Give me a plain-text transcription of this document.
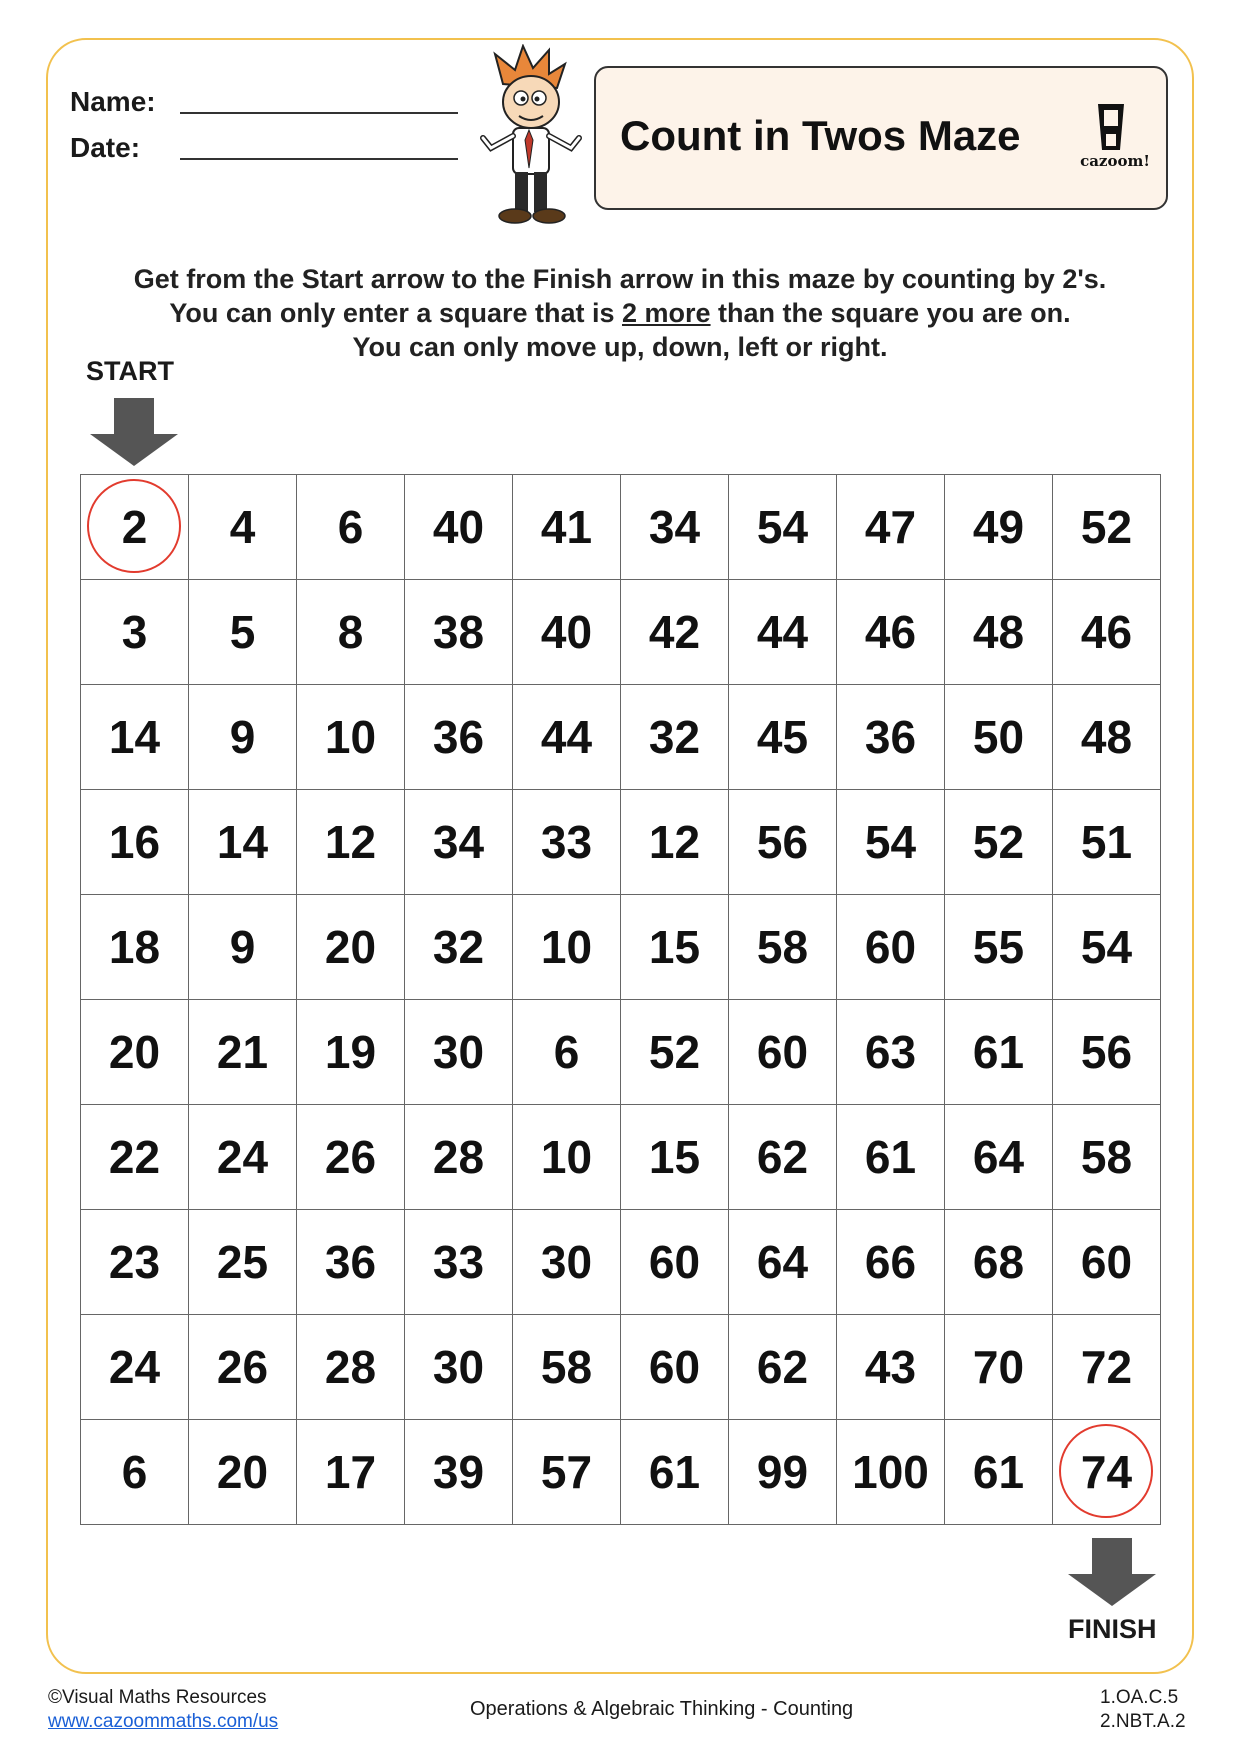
Name:
Date:	Count in Twos Maze
cazoom!
Get from the Start arrow to the Finish arrow in this maze by counting by 2's.
You can only enter a square that is 2 more than the square you are on.
You can only move up, down, left or right.
START
2	4	6	40	41	34	54	47	49	52
3	5	8	38	40	42	44	46	48	46
14	9	10	36	44	32	45	36	50	48
16	14	12	34	33	12	56	54	52	51
18	9	20	32	10	15	58	60	55	54
20	21	19	30	6	52	60	63	61	56
22	24	26	28	10	15	62	61	64	58
23	25	36	33	30	60	64	66	68	60
24	26	28	30	58	60	62	43	70	72
6	20	17	39	57	61	99	100	61	74
FINISH
©Visual Maths Resources
www.cazoommaths.com/us
Operations & Algebraic Thinking - Counting
1.OA.C.5
2.NBT.A.2
